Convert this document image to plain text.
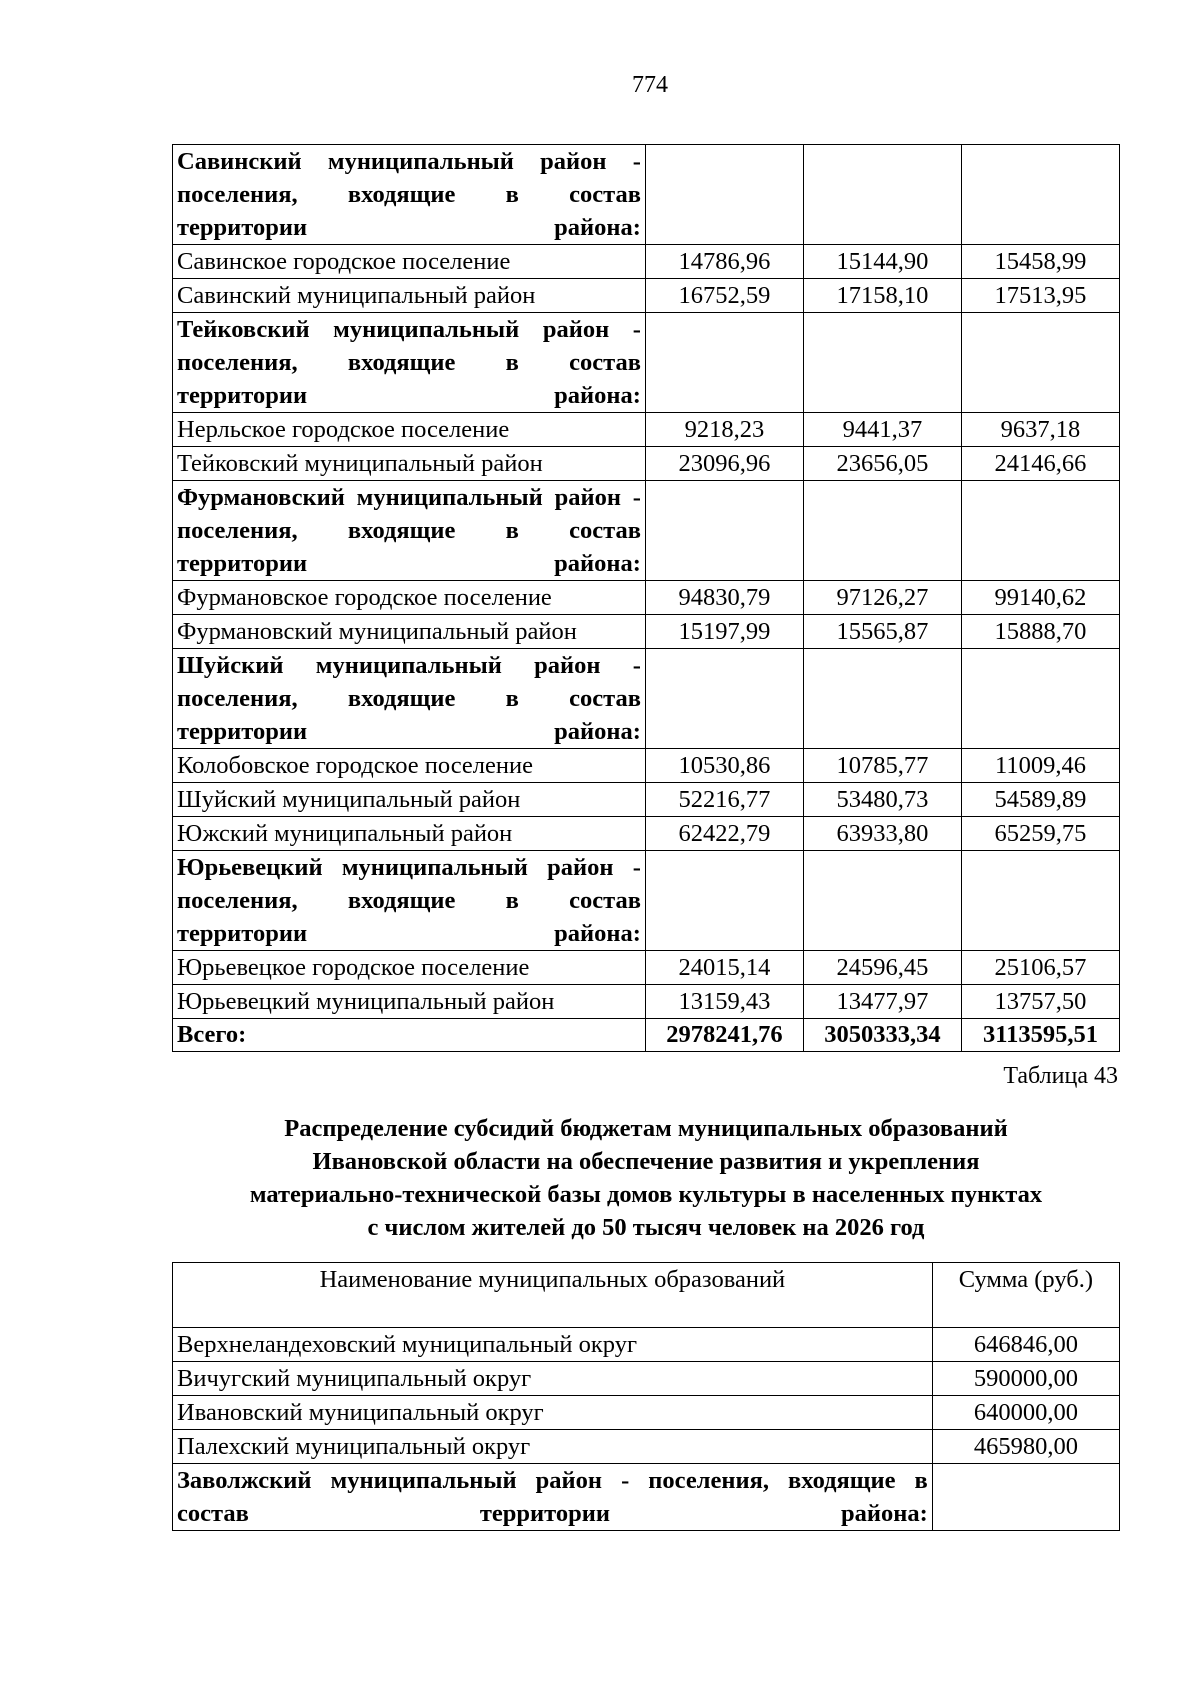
774
Савинский муниципальный район - поселения, входящие в состав территории района:			
Савинское городское поселение	14786,96	15144,90	15458,99
Савинский муниципальный район	16752,59	17158,10	17513,95
Тейковский муниципальный район - поселения, входящие в состав территории района:			
Нерльское городское поселение	9218,23	9441,37	9637,18
Тейковский муниципальный район	23096,96	23656,05	24146,66
Фурмановский муниципальный район - поселения, входящие в состав территории района:			
Фурмановское городское поселение	94830,79	97126,27	99140,62
Фурмановский муниципальный район	15197,99	15565,87	15888,70
Шуйский муниципальный район - поселения, входящие в состав территории района:			
Колобовское городское поселение	10530,86	10785,77	11009,46
Шуйский муниципальный район	52216,77	53480,73	54589,89
Южский муниципальный район	62422,79	63933,80	65259,75
Юрьевецкий муниципальный район - поселения, входящие в состав территории района:			
Юрьевецкое городское поселение	24015,14	24596,45	25106,57
Юрьевецкий муниципальный район	13159,43	13477,97	13757,50
Всего:	2978241,76	3050333,34	3113595,51
Таблица 43
Распределение субсидий бюджетам муниципальных образований
Ивановской области на обеспечение развития и укрепления
материально-технической базы домов культуры в населенных пунктах
с числом жителей до 50 тысяч человек на 2026 год
Наименование муниципальных образований	Сумма (руб.)
Верхнеландеховский муниципальный округ	646846,00
Вичугский муниципальный округ	590000,00
Ивановский муниципальный округ	640000,00
Палехский муниципальный округ	465980,00
Заволжский муниципальный район - поселения, входящие в состав территории района:	
